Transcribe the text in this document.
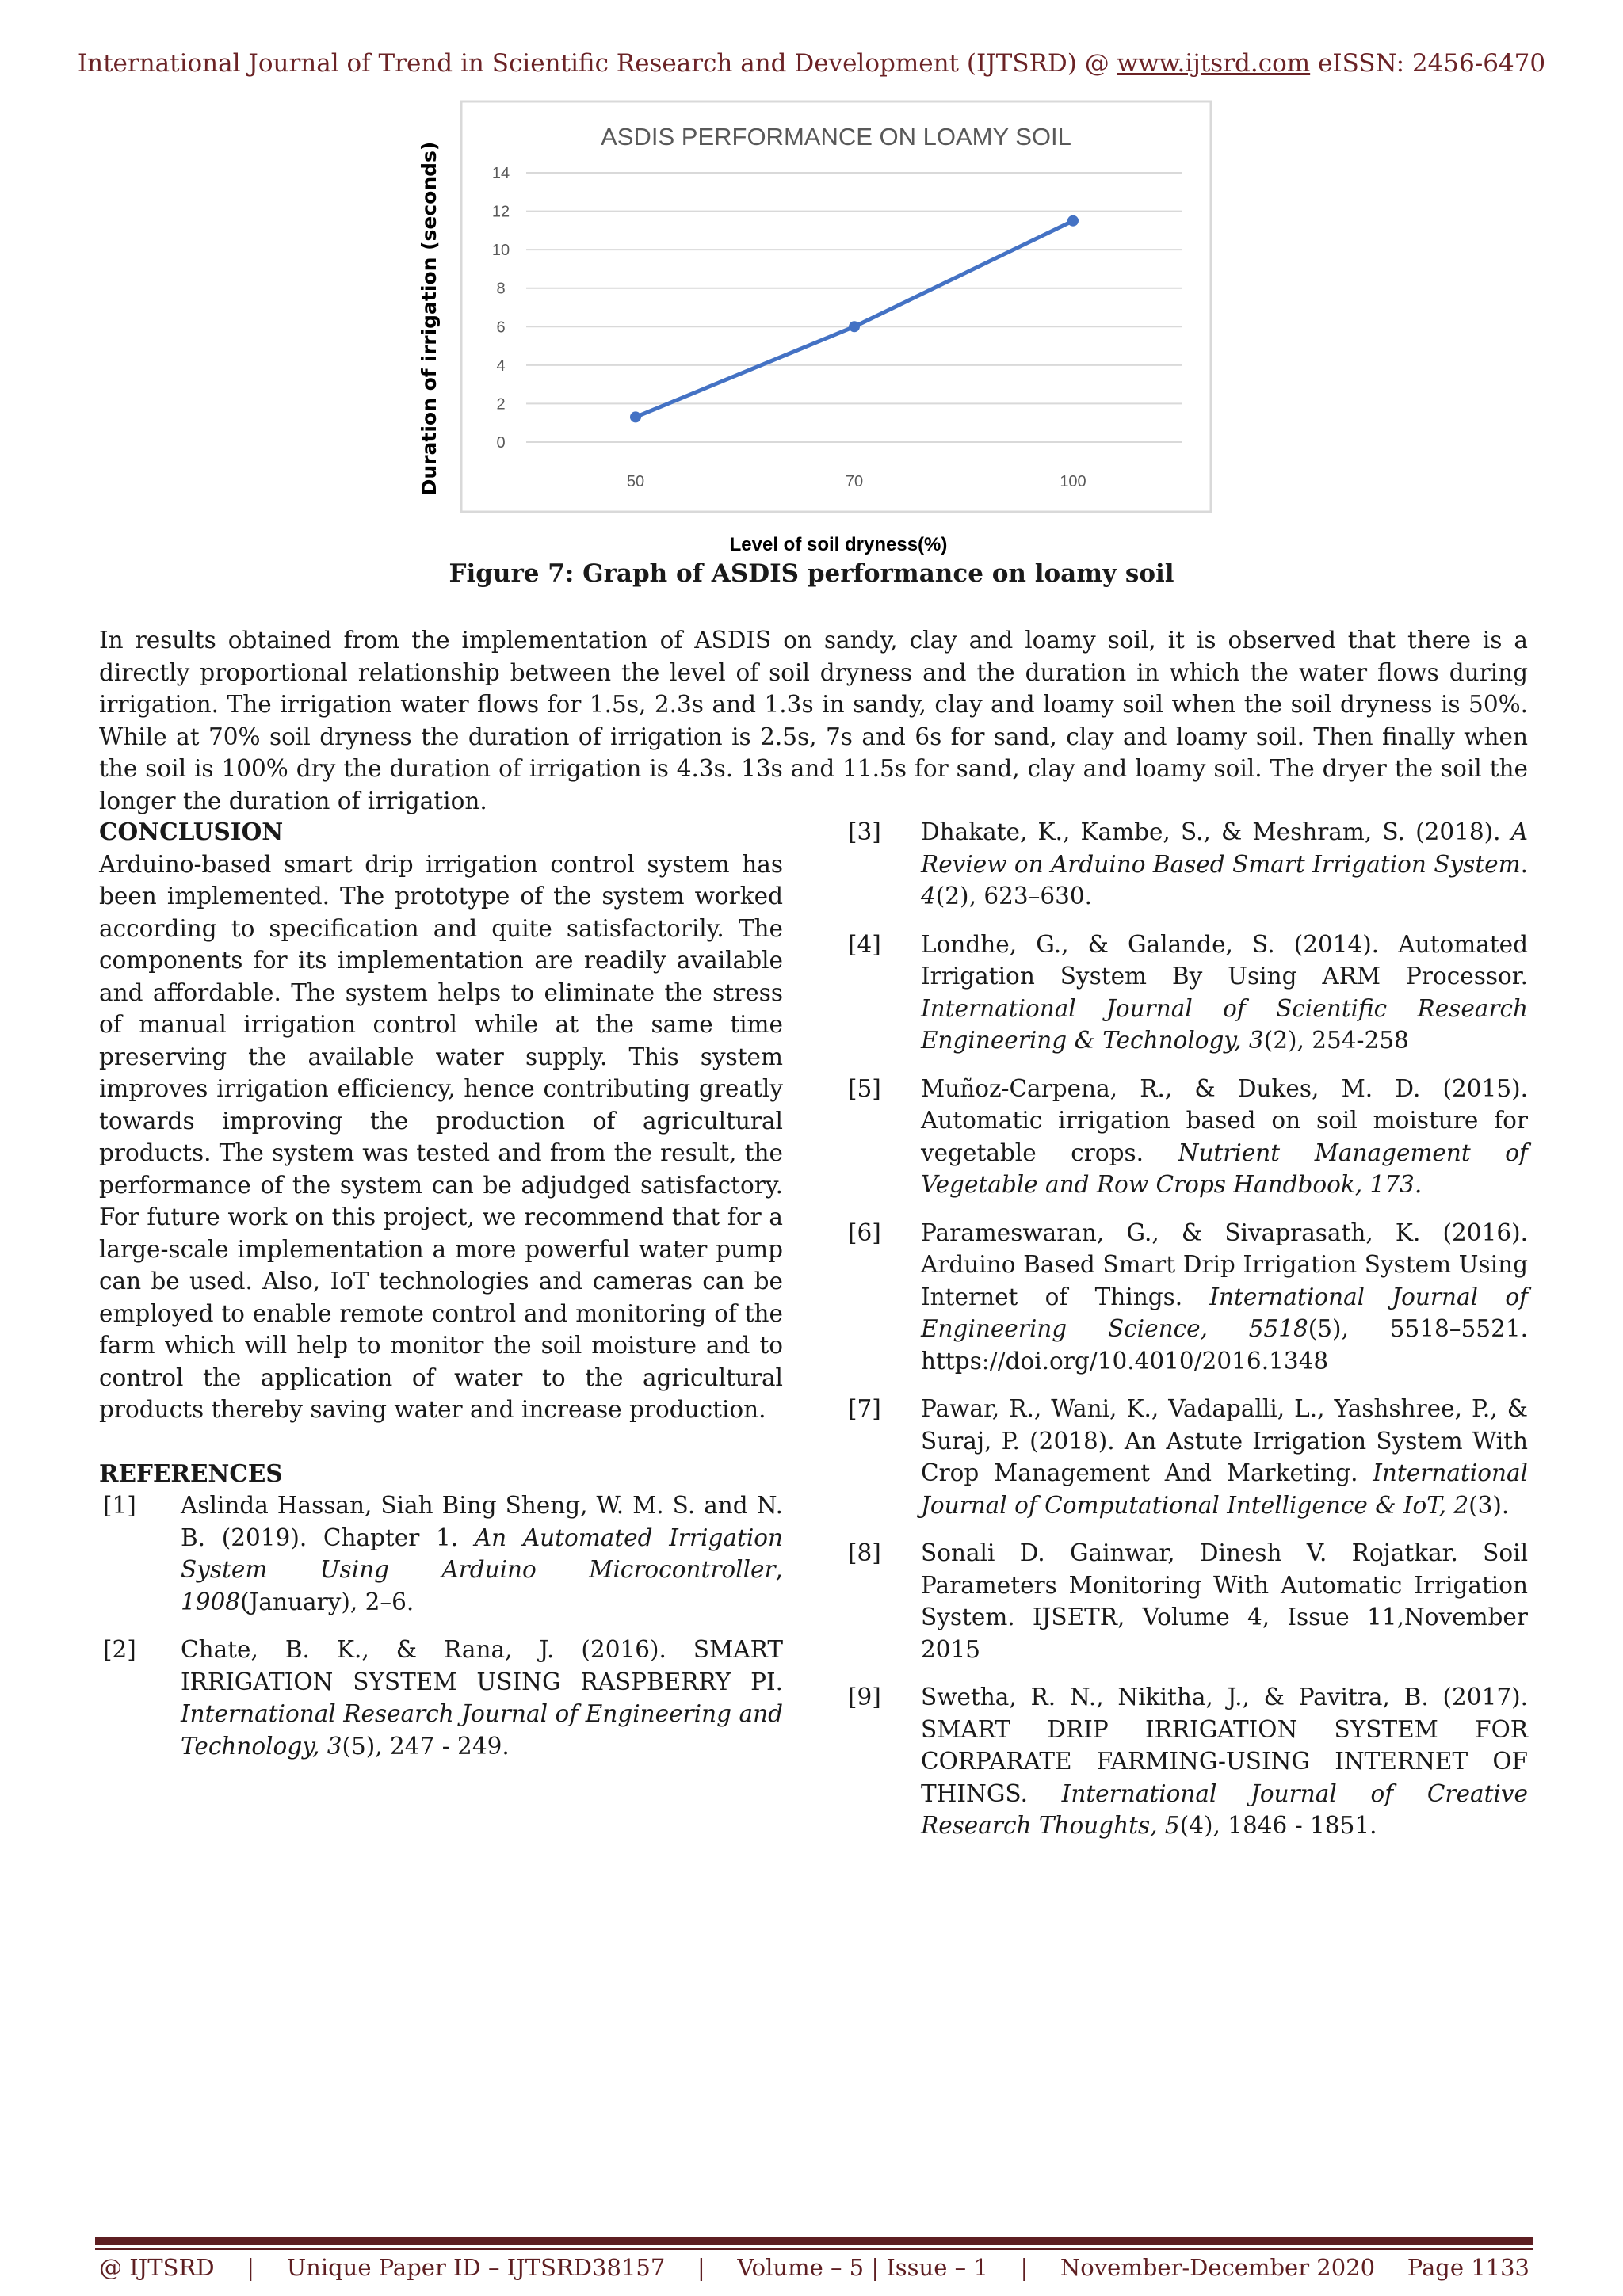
International Journal of Trend in Scientific Research and Development (IJTSRD) @ www.ijtsrd.com eISSN: 2456-6470
ASDIS PERFORMANCE ON LOAMY SOIL
Duration of irrigation (seconds)
Level of soil dryness(%)
0
2
4
6
8
10
12
14
50	70	100
Figure 7: Graph of ASDIS performance on loamy soil
In results obtained from the implementation of ASDIS on sandy, clay and loamy soil, it is observed that there is a directly proportional relationship between the level of soil dryness and the duration in which the water flows during irrigation. The irrigation water flows for 1.5s, 2.3s and 1.3s in sandy, clay and loamy soil when the soil dryness is 50%. While at 70% soil dryness the duration of irrigation is 2.5s, 7s and 6s for sand, clay and loamy soil. Then finally when the soil is 100% dry the duration of irrigation is 4.3s. 13s and 11.5s for sand, clay and loamy soil. The dryer the soil the longer the duration of irrigation.
CONCLUSION
Arduino-based smart drip irrigation control system has been implemented. The prototype of the system worked according to specification and quite satisfactorily. The components for its implementation are readily available and affordable. The system helps to eliminate the stress of manual irrigation control while at the same time preserving the available water supply. This system improves irrigation efficiency, hence contributing greatly towards improving the production of agricultural products. The system was tested and from the result, the performance of the system can be adjudged satisfactory. For future work on this project, we recommend that for a large-scale implementation a more powerful water pump can be used. Also, IoT technologies and cameras can be employed to enable remote control and monitoring of the farm which will help to monitor the soil moisture and to control the application of water to the agricultural products thereby saving water and increase production.
REFERENCES
[1]	Aslinda Hassan, Siah Bing Sheng, W. M. S. and N. B. (2019). Chapter 1. An Automated Irrigation System Using Arduino Microcontroller, 1908(January), 2–6.
[2]	Chate, B. K., & Rana, J. (2016). SMART IRRIGATION SYSTEM USING RASPBERRY PI. International Research Journal of Engineering and Technology, 3(5), 247 - 249.
[3]	Dhakate, K., Kambe, S., & Meshram, S. (2018). A Review on Arduino Based Smart Irrigation System. 4(2), 623–630.
[4]	Londhe, G., & Galande, S. (2014). Automated Irrigation System By Using ARM Processor. International Journal of Scientific Research Engineering & Technology, 3(2), 254-258
[5]	Muñoz-Carpena, R., & Dukes, M. D. (2015). Automatic irrigation based on soil moisture for vegetable crops. Nutrient Management of Vegetable and Row Crops Handbook, 173.
[6]	Parameswaran, G., & Sivaprasath, K. (2016). Arduino Based Smart Drip Irrigation System Using Internet of Things. International Journal of Engineering Science, 5518(5), 5518–5521. https://doi.org/10.4010/2016.1348
[7]	Pawar, R., Wani, K., Vadapalli, L., Yashshree, P., & Suraj, P. (2018). An Astute Irrigation System With Crop Management And Marketing. International Journal of Computational Intelligence & IoT, 2(3).
[8]	Sonali D. Gainwar, Dinesh V. Rojatkar. Soil Parameters Monitoring With Automatic Irrigation System. IJSETR, Volume 4, Issue 11,November 2015
[9]	Swetha, R. N., Nikitha, J., & Pavitra, B. (2017). SMART DRIP IRRIGATION SYSTEM FOR CORPARATE FARMING-USING INTERNET OF THINGS. International Journal of Creative Research Thoughts, 5(4), 1846 - 1851.
@ IJTSRD | Unique Paper ID – IJTSRD38157 | Volume – 5 | Issue – 1 | November-December 2020 Page 1133
